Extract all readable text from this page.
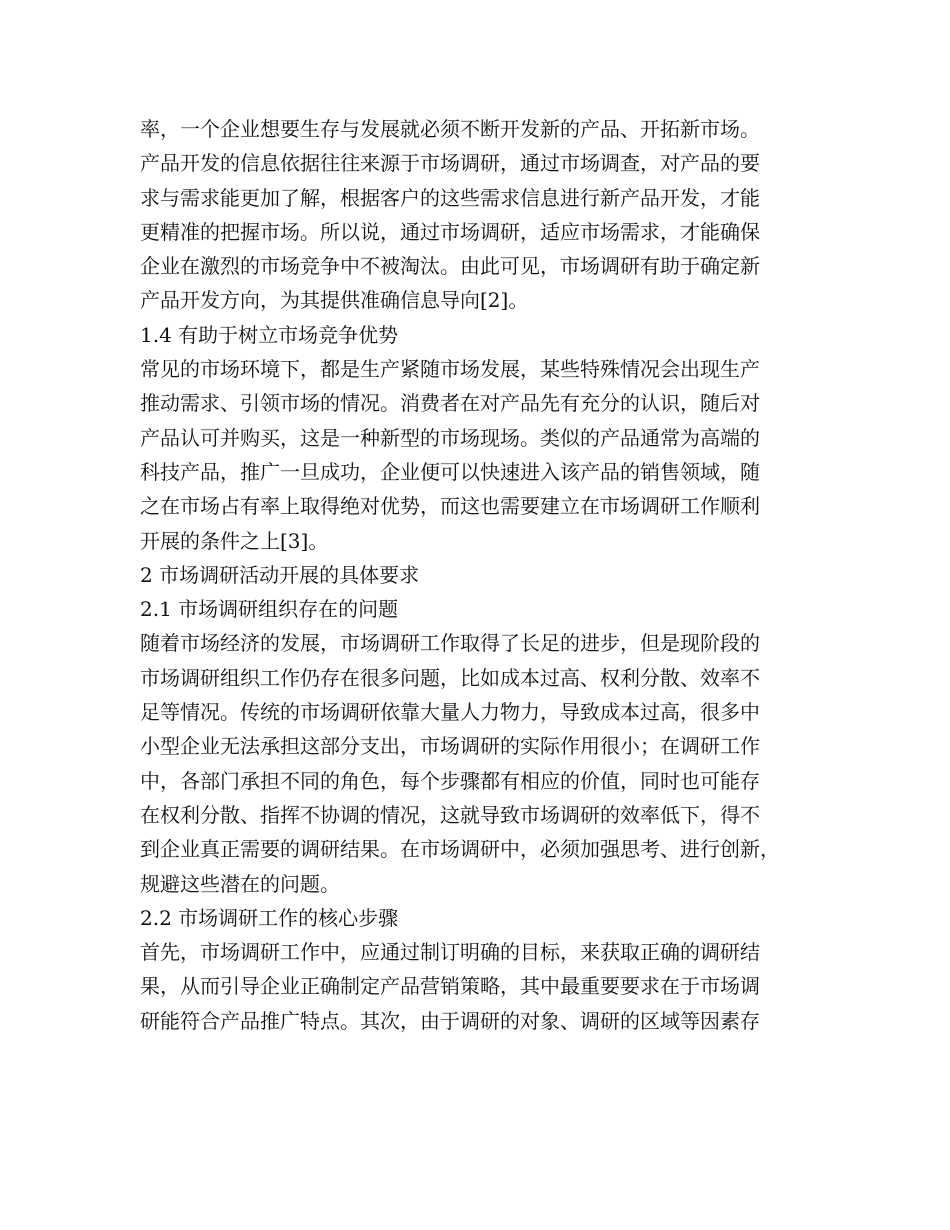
率，一个企业想要生存与发展就必须不断开发新的产品、开拓新市场。
产品开发的信息依据往往来源于市场调研，通过市场调查，对产品的要
求与需求能更加了解，根据客户的这些需求信息进行新产品开发，才能
更精准的把握市场。所以说，通过市场调研，适应市场需求，才能确保
企业在激烈的市场竞争中不被淘汰。由此可见，市场调研有助于确定新
产品开发方向，为其提供准确信息导向[2]。
1.4 有助于树立市场竞争优势
常见的市场环境下，都是生产紧随市场发展，某些特殊情况会出现生产
推动需求、引领市场的情况。消费者在对产品先有充分的认识，随后对
产品认可并购买，这是一种新型的市场现场。类似的产品通常为高端的
科技产品，推广一旦成功，企业便可以快速进入该产品的销售领域，随
之在市场占有率上取得绝对优势，而这也需要建立在市场调研工作顺利
开展的条件之上[3]。
2 市场调研活动开展的具体要求
2.1 市场调研组织存在的问题
随着市场经济的发展，市场调研工作取得了长足的进步，但是现阶段的
市场调研组织工作仍存在很多问题，比如成本过高、权利分散、效率不
足等情况。传统的市场调研依靠大量人力物力，导致成本过高，很多中
小型企业无法承担这部分支出，市场调研的实际作用很小；在调研工作
中，各部门承担不同的角色，每个步骤都有相应的价值，同时也可能存
在权利分散、指挥不协调的情况，这就导致市场调研的效率低下，得不
到企业真正需要的调研结果。在市场调研中，必须加强思考、进行创新，
规避这些潜在的问题。
2.2 市场调研工作的核心步骤
首先，市场调研工作中，应通过制订明确的目标，来获取正确的调研结
果，从而引导企业正确制定产品营销策略，其中最重要要求在于市场调
研能符合产品推广特点。其次，由于调研的对象、调研的区域等因素存
